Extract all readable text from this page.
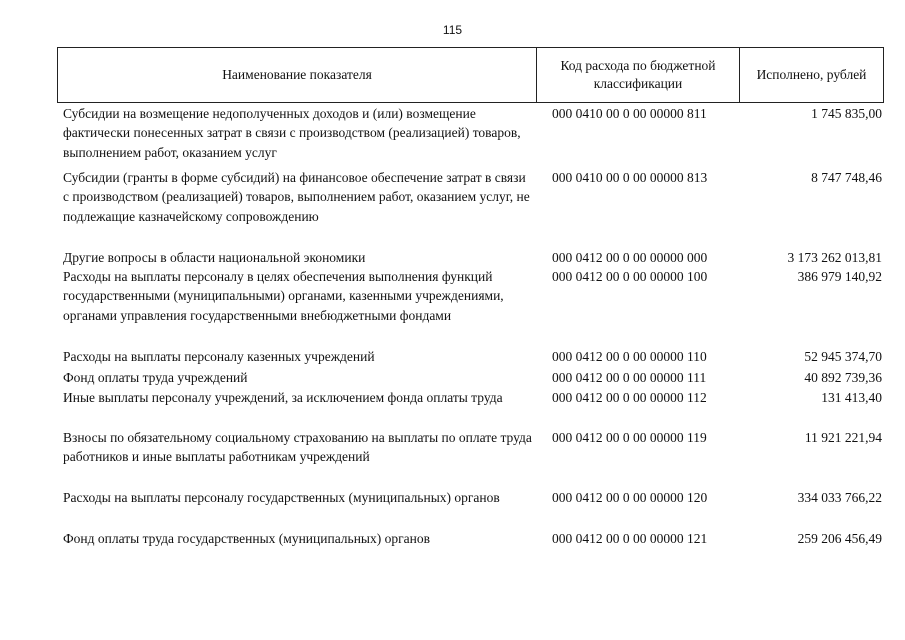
115
Наименование показателя
Код расхода по бюджетной классификации
Исполнено, рублей
Субсидии на возмещение недополученных доходов и (или) возмещение фактически понесенных затрат в связи с производством (реализацией) товаров, выполнением работ, оказанием услуг
000 0410 00 0 00 00000 811	1 745 835,00
Субсидии (гранты в форме субсидий) на финансовое обеспечение затрат в связи с производством (реализацией) товаров, выполнением работ, оказанием услуг, не подлежащие казначейскому сопровождению
000 0410 00 0 00 00000 813	8 747 748,46
Другие вопросы в области национальной экономики	000 0412 00 0 00 00000 000	3 173 262 013,81
Расходы на выплаты персоналу в целях обеспечения выполнения функций государственными (муниципальными) органами, казенными учреждениями, органами управления государственными внебюджетными фондами
000 0412 00 0 00 00000 100	386 979 140,92
Расходы на выплаты персоналу казенных учреждений	000 0412 00 0 00 00000 110	52 945 374,70
Фонд оплаты труда учреждений	000 0412 00 0 00 00000 111	40 892 739,36
Иные выплаты персоналу учреждений, за исключением фонда оплаты труда	000 0412 00 0 00 00000 112	131 413,40
Взносы по обязательному социальному страхованию на выплаты по оплате труда работников и иные выплаты работникам учреждений
000 0412 00 0 00 00000 119	11 921 221,94
Расходы на выплаты персоналу государственных (муниципальных) органов	000 0412 00 0 00 00000 120	334 033 766,22
Фонд оплаты труда государственных (муниципальных) органов	000 0412 00 0 00 00000 121	259 206 456,49
